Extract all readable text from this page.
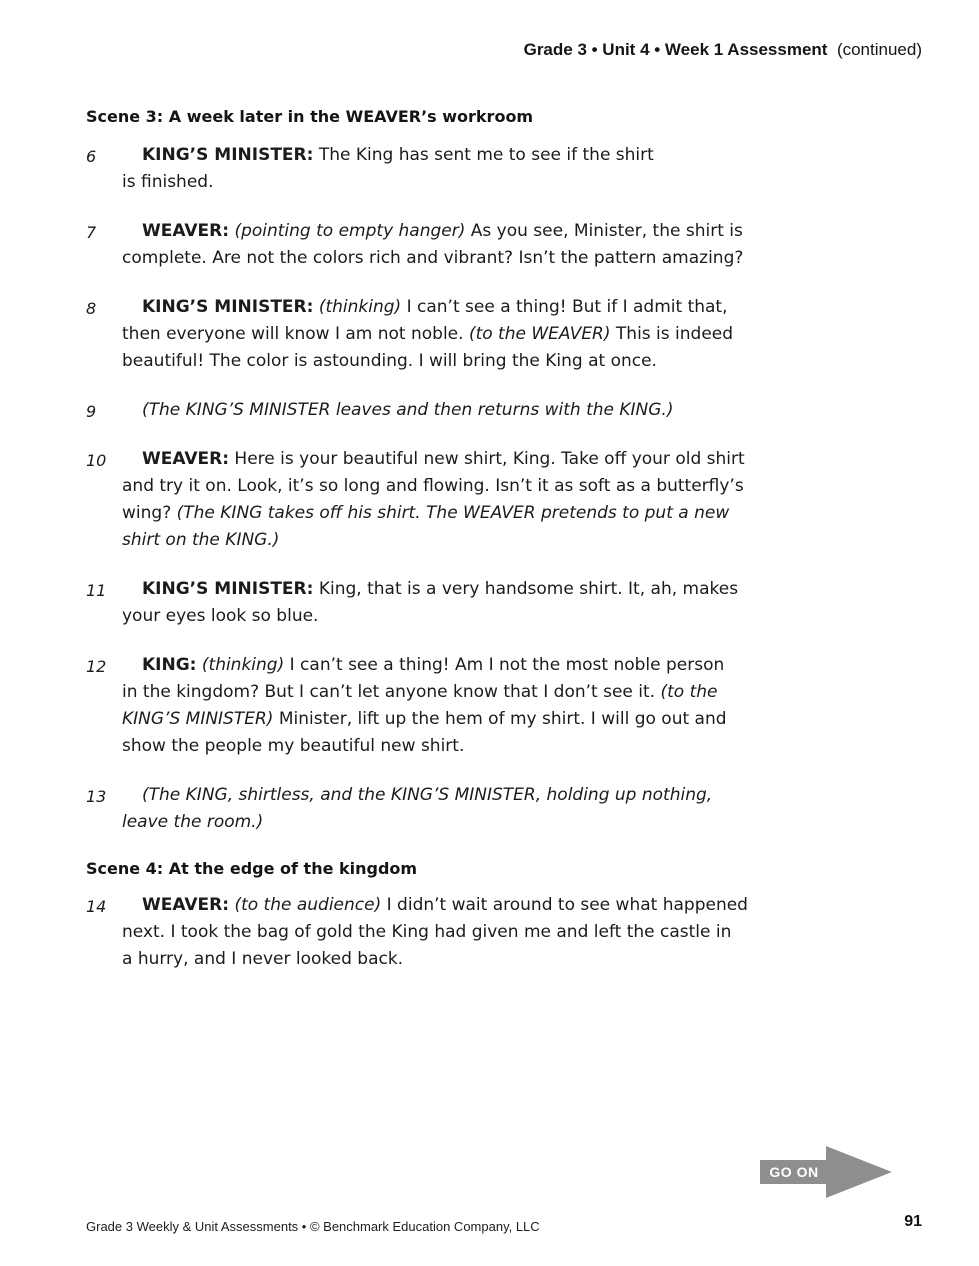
Grade 3 • Unit 4 • Week 1 Assessment (continued)
Scene 3: A week later in the WEAVER’s workroom
6	KING’S MINISTER: The King has sent me to see if the shirt
is finished.
7	WEAVER: (pointing to empty hanger) As you see, Minister, the shirt is
complete. Are not the colors rich and vibrant? Isn’t the pattern amazing?
8	KING’S MINISTER: (thinking) I can’t see a thing! But if I admit that,
then everyone will know I am not noble. (to the WEAVER) This is indeed
beautiful! The color is astounding. I will bring the King at once.
9	(The KING’S MINISTER leaves and then returns with the KING.)
10	WEAVER: Here is your beautiful new shirt, King. Take off your old shirt
and try it on. Look, it’s so long and flowing. Isn’t it as soft as a butterfly’s
wing? (The KING takes off his shirt. The WEAVER pretends to put a new
shirt on the KING.)
11	KING’S MINISTER: King, that is a very handsome shirt. It, ah, makes
your eyes look so blue.
12	KING: (thinking) I can’t see a thing! Am I not the most noble person
in the kingdom? But I can’t let anyone know that I don’t see it. (to the
KING’S MINISTER) Minister, lift up the hem of my shirt. I will go out and
show the people my beautiful new shirt.
13	(The KING, shirtless, and the KING’S MINISTER, holding up nothing,
leave the room.)
Scene 4: At the edge of the kingdom
14	WEAVER: (to the audience) I didn’t wait around to see what happened
next. I took the bag of gold the King had given me and left the castle in
a hurry, and I never looked back.
GO ON
Grade 3 Weekly & Unit Assessments • © Benchmark Education Company, LLC	91
